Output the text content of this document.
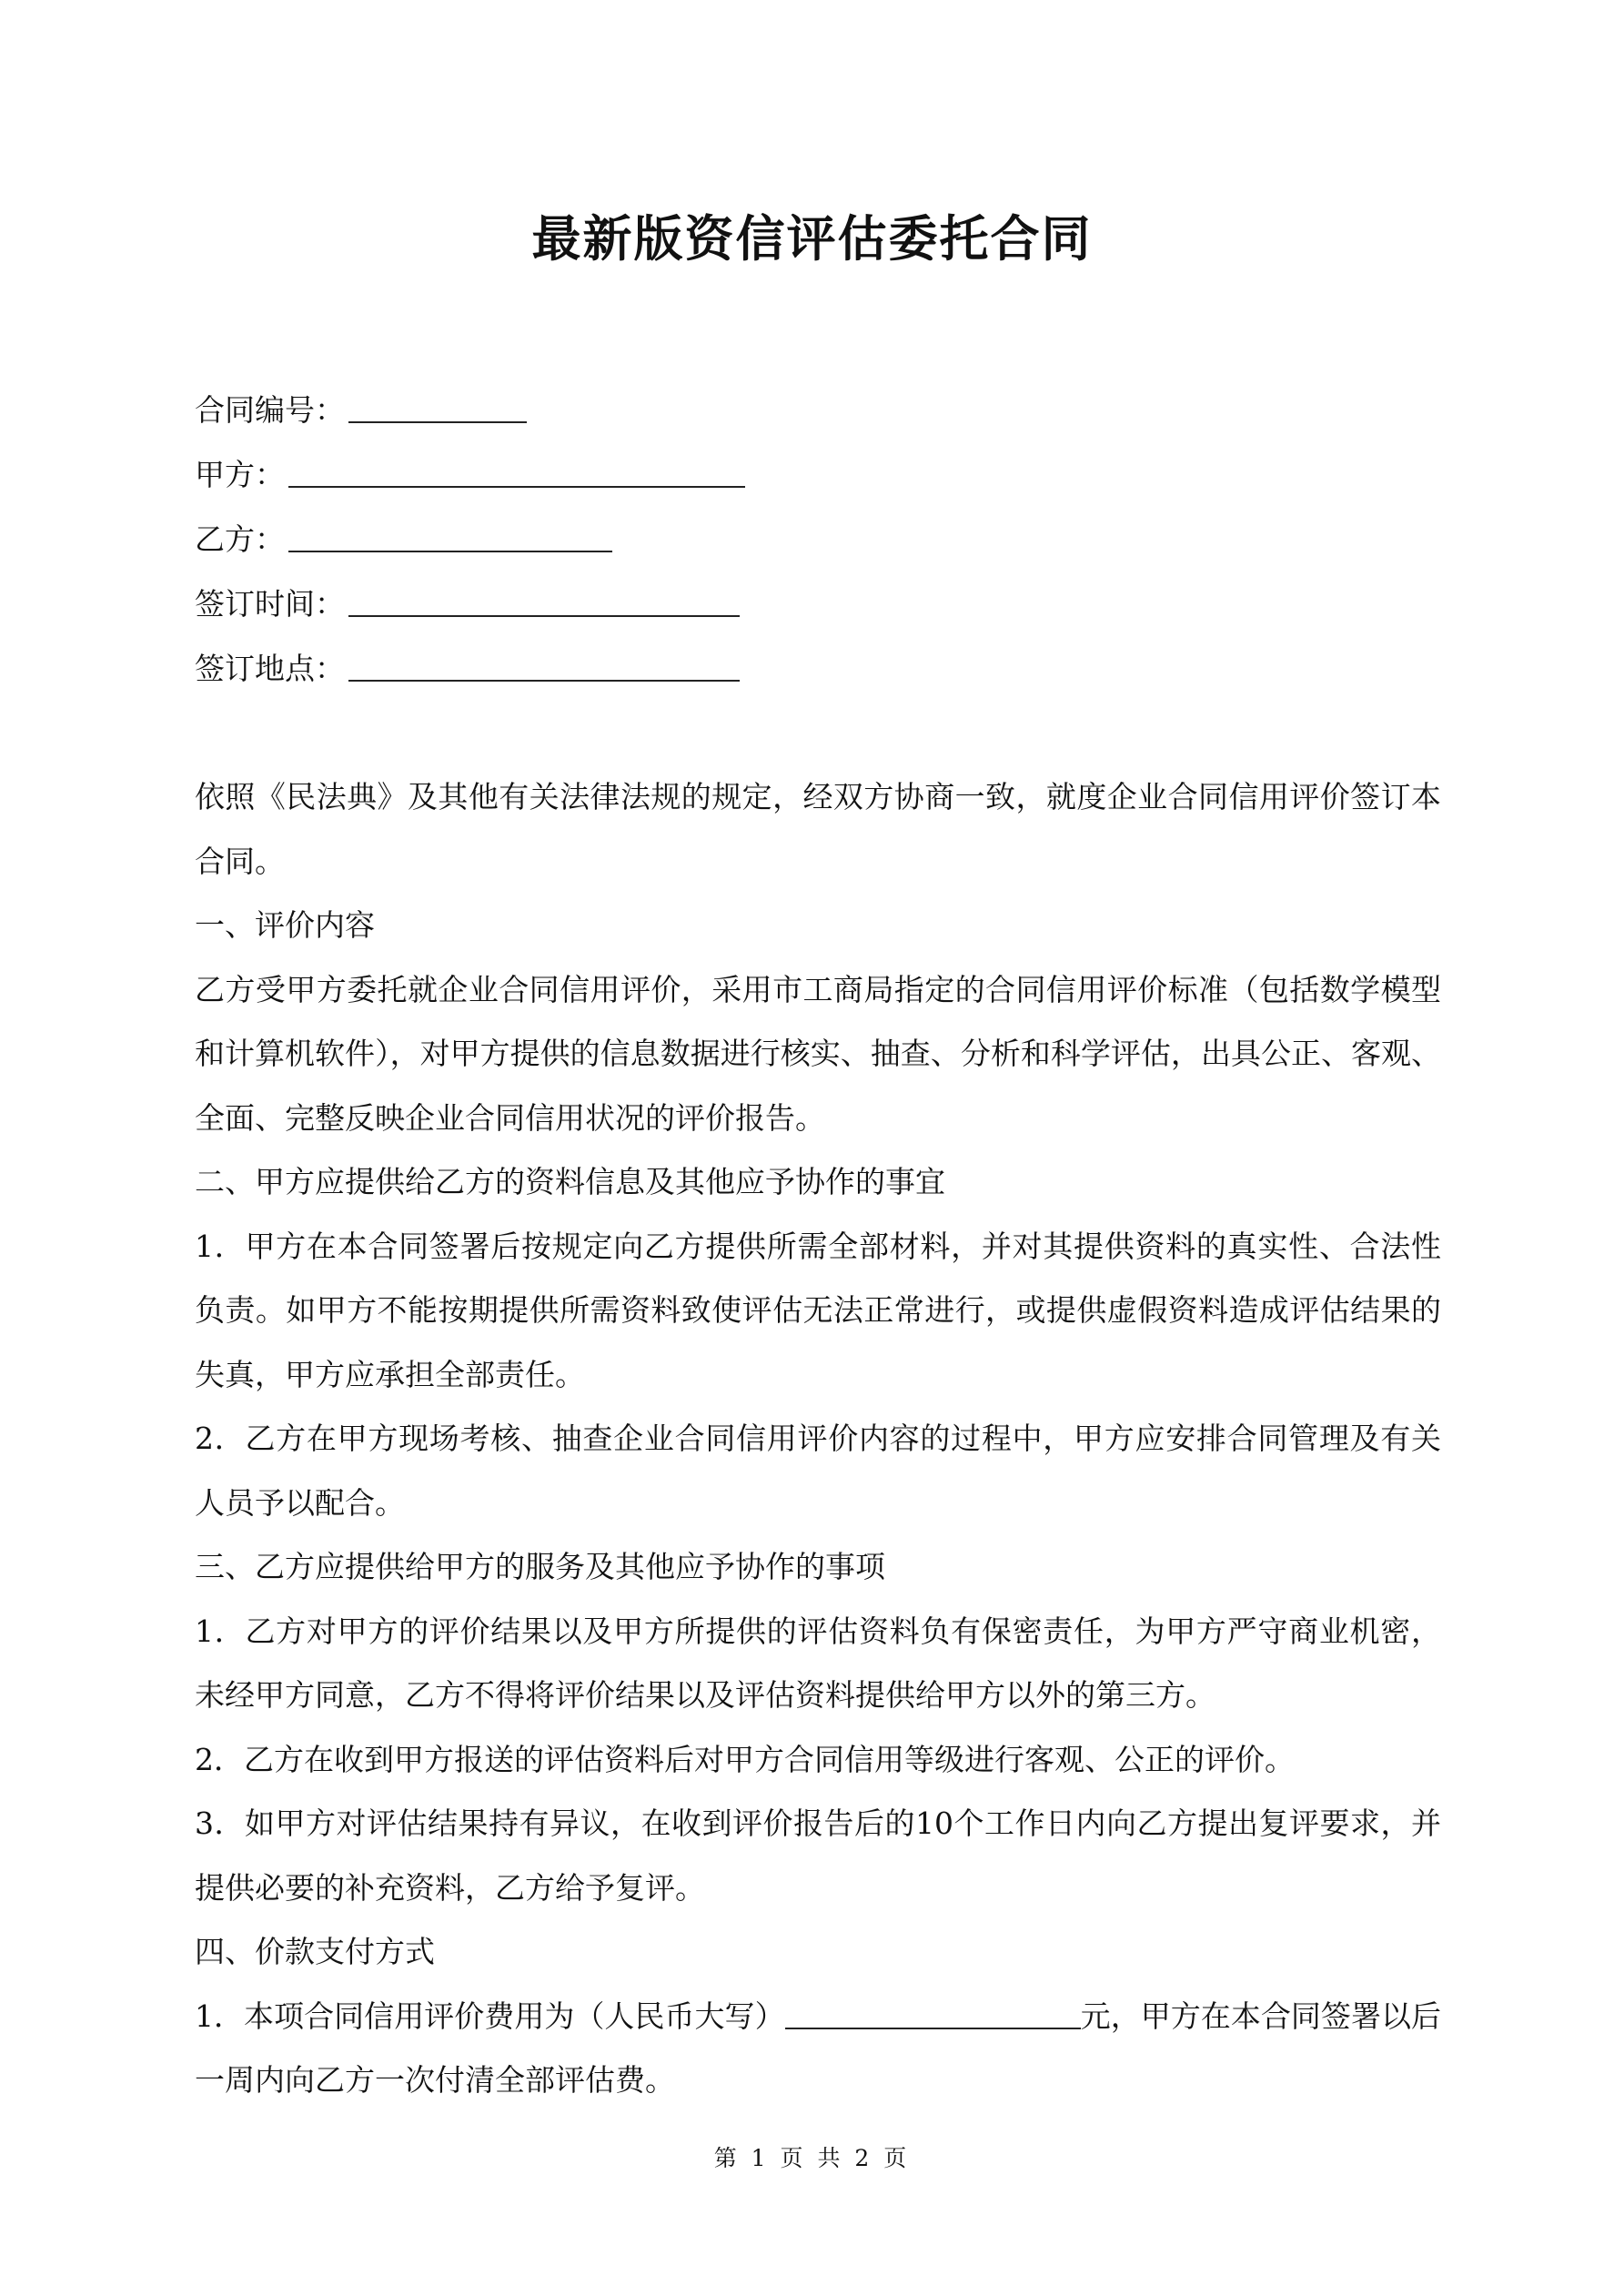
最新版资信评估委托合同
合同编号：
甲方：
乙方：
签订时间：
签订地点：

依照《民法典》及其他有关法律法规的规定，经双方协商一致，就度企业合同信用评价签订本合同。

一、评价内容

乙方受甲方委托就企业合同信用评价，采用市工商局指定的合同信用评价标准（包括数学模型和计算机软件），对甲方提供的信息数据进行核实、抽查、分析和科学评估，出具公正、客观、全面、完整反映企业合同信用状况的评价报告。

二、甲方应提供给乙方的资料信息及其他应予协作的事宜

1．甲方在本合同签署后按规定向乙方提供所需全部材料，并对其提供资料的真实性、合法性负责。如甲方不能按期提供所需资料致使评估无法正常进行，或提供虚假资料造成评估结果的失真，甲方应承担全部责任。

2．乙方在甲方现场考核、抽查企业合同信用评价内容的过程中，甲方应安排合同管理及有关人员予以配合。

三、乙方应提供给甲方的服务及其他应予协作的事项

1．乙方对甲方的评价结果以及甲方所提供的评估资料负有保密责任，为甲方严守商业机密，未经甲方同意，乙方不得将评价结果以及评估资料提供给甲方以外的第三方。

2．乙方在收到甲方报送的评估资料后对甲方合同信用等级进行客观、公正的评价。

3．如甲方对评估结果持有异议，在收到评价报告后的10个工作日内向乙方提出复评要求，并提供必要的补充资料，乙方给予复评。

四、价款支付方式

1．本项合同信用评价费用为（人民币大写）	元，甲方在本合同签署以后一周内向乙方一次付清全部评估费。

第 1 页 共 2 页
